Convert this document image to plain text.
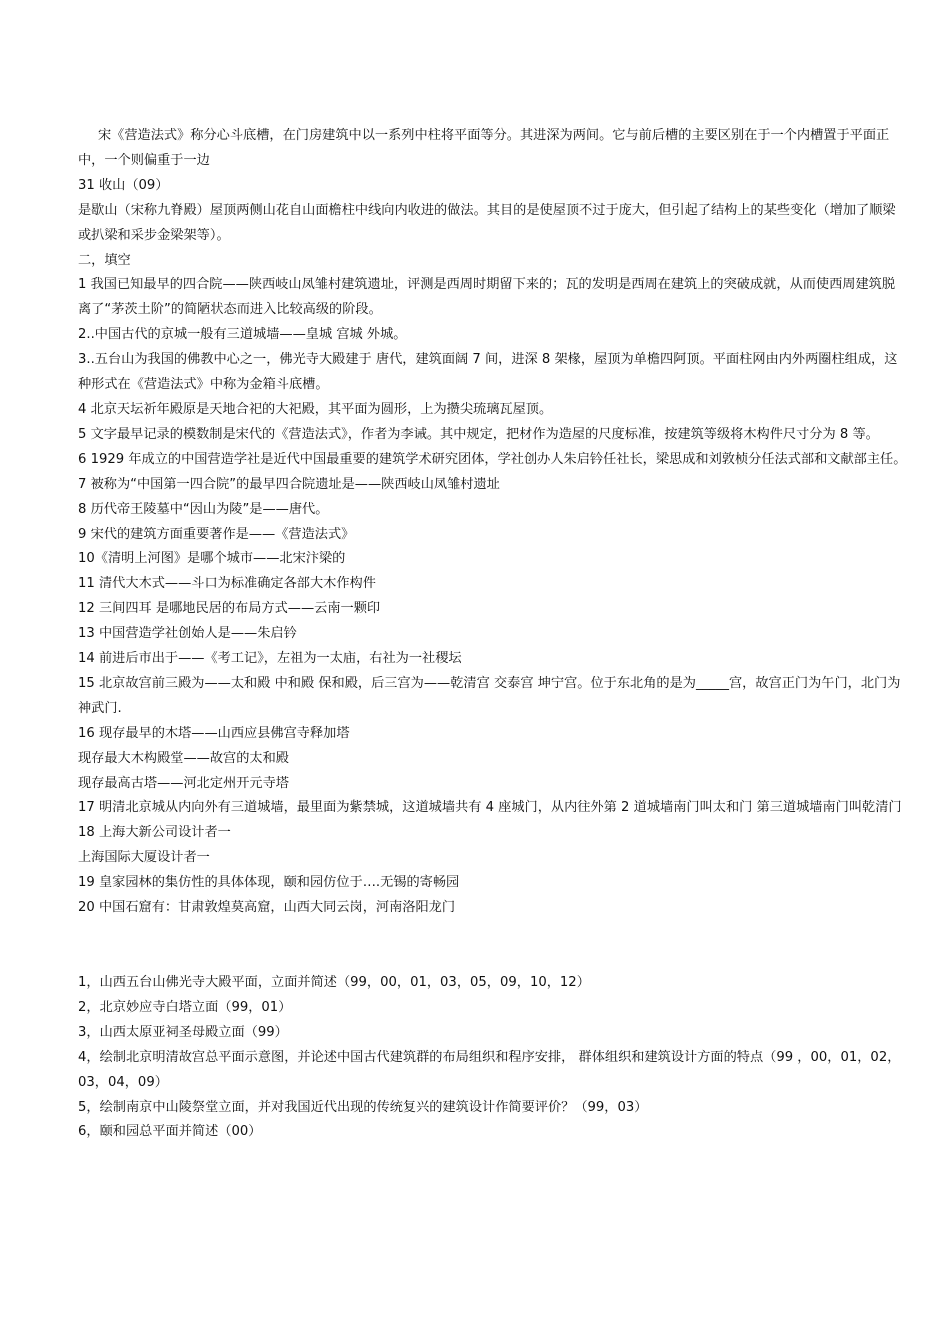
宋《营造法式》称分心斗底槽，在门房建筑中以一系列中柱将平面等分。其进深为两间。它与前后槽的主要区别在于一个内槽置于平面正中，一个则偏重于一边

31 收山（09）

是歇山（宋称九脊殿）屋顶两侧山花自山面檐柱中线向内收进的做法。其目的是使屋顶不过于庞大，但引起了结构上的某些变化（增加了顺梁或扒梁和采步金梁架等）。

二，填空

1 我国已知最早的四合院——陕西岐山凤雏村建筑遗址，评测是西周时期留下来的；瓦的发明是西周在建筑上的突破成就，从而使西周建筑脱离了“茅茨土阶”的简陋状态而进入比较高级的阶段。

2..中国古代的京城一般有三道城墙——皇城 宫城 外城。

3..五台山为我国的佛教中心之一，佛光寺大殿建于 唐代，建筑面阔 7 间，进深 8 架椽，屋顶为单檐四阿顶。平面柱网由内外两圈柱组成，这种形式在《营造法式》中称为金箱斗底槽。

4 北京天坛祈年殿原是天地合祀的大祀殿，其平面为圆形，上为攒尖琉璃瓦屋顶。

5 文字最早记录的模数制是宋代的《营造法式》，作者为李诫。其中规定，把材作为造屋的尺度标准，按建筑等级将木构件尺寸分为 8 等。

6 1929 年成立的中国营造学社是近代中国最重要的建筑学术研究团体，学社创办人朱启钤任社长，梁思成和刘敦桢分任法式部和文献部主任。

7 被称为“中国第一四合院”的最早四合院遗址是——陕西岐山凤雏村遗址

8 历代帝王陵墓中“因山为陵”是——唐代。

9 宋代的建筑方面重要著作是——《营造法式》

10《清明上河图》是哪个城市——北宋汴梁的

11 清代大木式——斗口为标准确定各部大木作构件

12 三间四耳 是哪地民居的布局方式——云南一颗印

13 中国营造学社创始人是——朱启钤

14 前进后市出于——《考工记》，左祖为一太庙，右社为一社稷坛

15 北京故宫前三殿为——太和殿 中和殿 保和殿，后三宫为——乾清宫 交泰宫 坤宁宫。位于东北角的是为_____宫，故宫正门为午门，北门为神武门.

16 现存最早的木塔——山西应县佛宫寺释加塔

现存最大木构殿堂——故宫的太和殿

现存最高古塔——河北定州开元寺塔

17 明清北京城从内向外有三道城墙，最里面为紫禁城，这道城墙共有 4 座城门，从内往外第 2 道城墙南门叫太和门 第三道城墙南门叫乾清门

18 上海大新公司设计者一

上海国际大厦设计者一

19 皇家园林的集仿性的具体体现，颐和园仿位于….无锡的寄畅园

20 中国石窟有：甘肃敦煌莫高窟，山西大同云岗，河南洛阳龙门

1，山西五台山佛光寺大殿平面，立面并简述（99，00，01，03，05，09，10，12）

2，北京妙应寺白塔立面（99，01）

3，山西太原亚祠圣母殿立面（99）

4，绘制北京明清故宫总平面示意图，并论述中国古代建筑群的布局组织和程序安排， 群体组织和建筑设计方面的特点（99 ，00，01，02，03，04，09）

5，绘制南京中山陵祭堂立面，并对我国近代出现的传统复兴的建筑设计作简要评价？（99，03）

6，颐和园总平面并简述（00）
